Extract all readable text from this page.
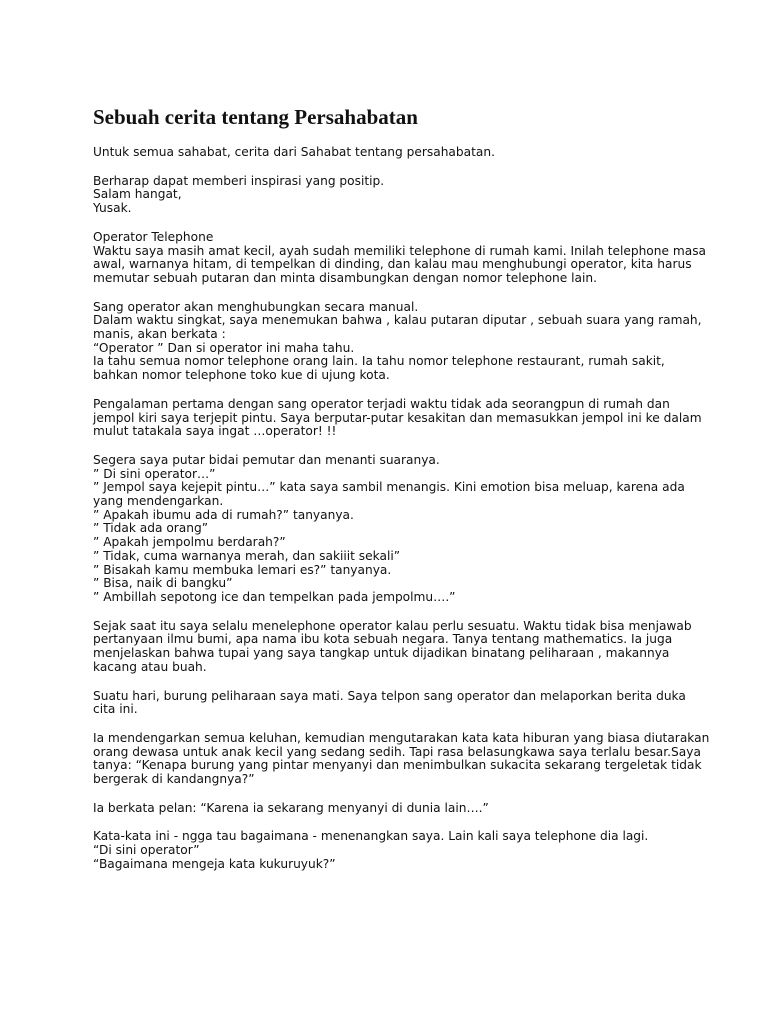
Sebuah cerita tentang Persahabatan
Untuk semua sahabat, cerita dari Sahabat tentang persahabatan.
Berharap dapat memberi inspirasi yang positip.
Salam hangat,
Yusak.
Operator Telephone
Waktu saya masih amat kecil, ayah sudah memiliki telephone di rumah kami. Inilah telephone masa
awal, warnanya hitam, di tempelkan di dinding, dan kalau mau menghubungi operator, kita harus
memutar sebuah putaran dan minta disambungkan dengan nomor telephone lain.
Sang operator akan menghubungkan secara manual.
Dalam waktu singkat, saya menemukan bahwa , kalau putaran diputar , sebuah suara yang ramah,
manis, akan berkata :
“Operator ” Dan si operator ini maha tahu.
Ia tahu semua nomor telephone orang lain. Ia tahu nomor telephone restaurant, rumah sakit,
bahkan nomor telephone toko kue di ujung kota.
Pengalaman pertama dengan sang operator terjadi waktu tidak ada seorangpun di rumah dan
jempol kiri saya terjepit pintu. Saya berputar-putar kesakitan dan memasukkan jempol ini ke dalam
mulut tatakala saya ingat …operator! !!
Segera saya putar bidai pemutar dan menanti suaranya.
” Di sini operator…”
” Jempol saya kejepit pintu…” kata saya sambil menangis. Kini emotion bisa meluap, karena ada
yang mendengarkan.
” Apakah ibumu ada di rumah?” tanyanya.
” Tidak ada orang”
” Apakah jempolmu berdarah?”
” Tidak, cuma warnanya merah, dan sakiiit sekali”
” Bisakah kamu membuka lemari es?” tanyanya.
” Bisa, naik di bangku”
” Ambillah sepotong ice dan tempelkan pada jempolmu….”
Sejak saat itu saya selalu menelephone operator kalau perlu sesuatu. Waktu tidak bisa menjawab
pertanyaan ilmu bumi, apa nama ibu kota sebuah negara. Tanya tentang mathematics. Ia juga
menjelaskan bahwa tupai yang saya tangkap untuk dijadikan binatang peliharaan , makannya
kacang atau buah.
Suatu hari, burung peliharaan saya mati. Saya telpon sang operator dan melaporkan berita duka
cita ini.
Ia mendengarkan semua keluhan, kemudian mengutarakan kata kata hiburan yang biasa diutarakan
orang dewasa untuk anak kecil yang sedang sedih. Tapi rasa belasungkawa saya terlalu besar.Saya
tanya: “Kenapa burung yang pintar menyanyi dan menimbulkan sukacita sekarang tergeletak tidak
bergerak di kandangnya?”
Ia berkata pelan: “Karena ia sekarang menyanyi di dunia lain….”
Kata-kata ini - ngga tau bagaimana - menenangkan saya. Lain kali saya telephone dia lagi.
“Di sini operator”
“Bagaimana mengeja kata kukuruyuk?”
